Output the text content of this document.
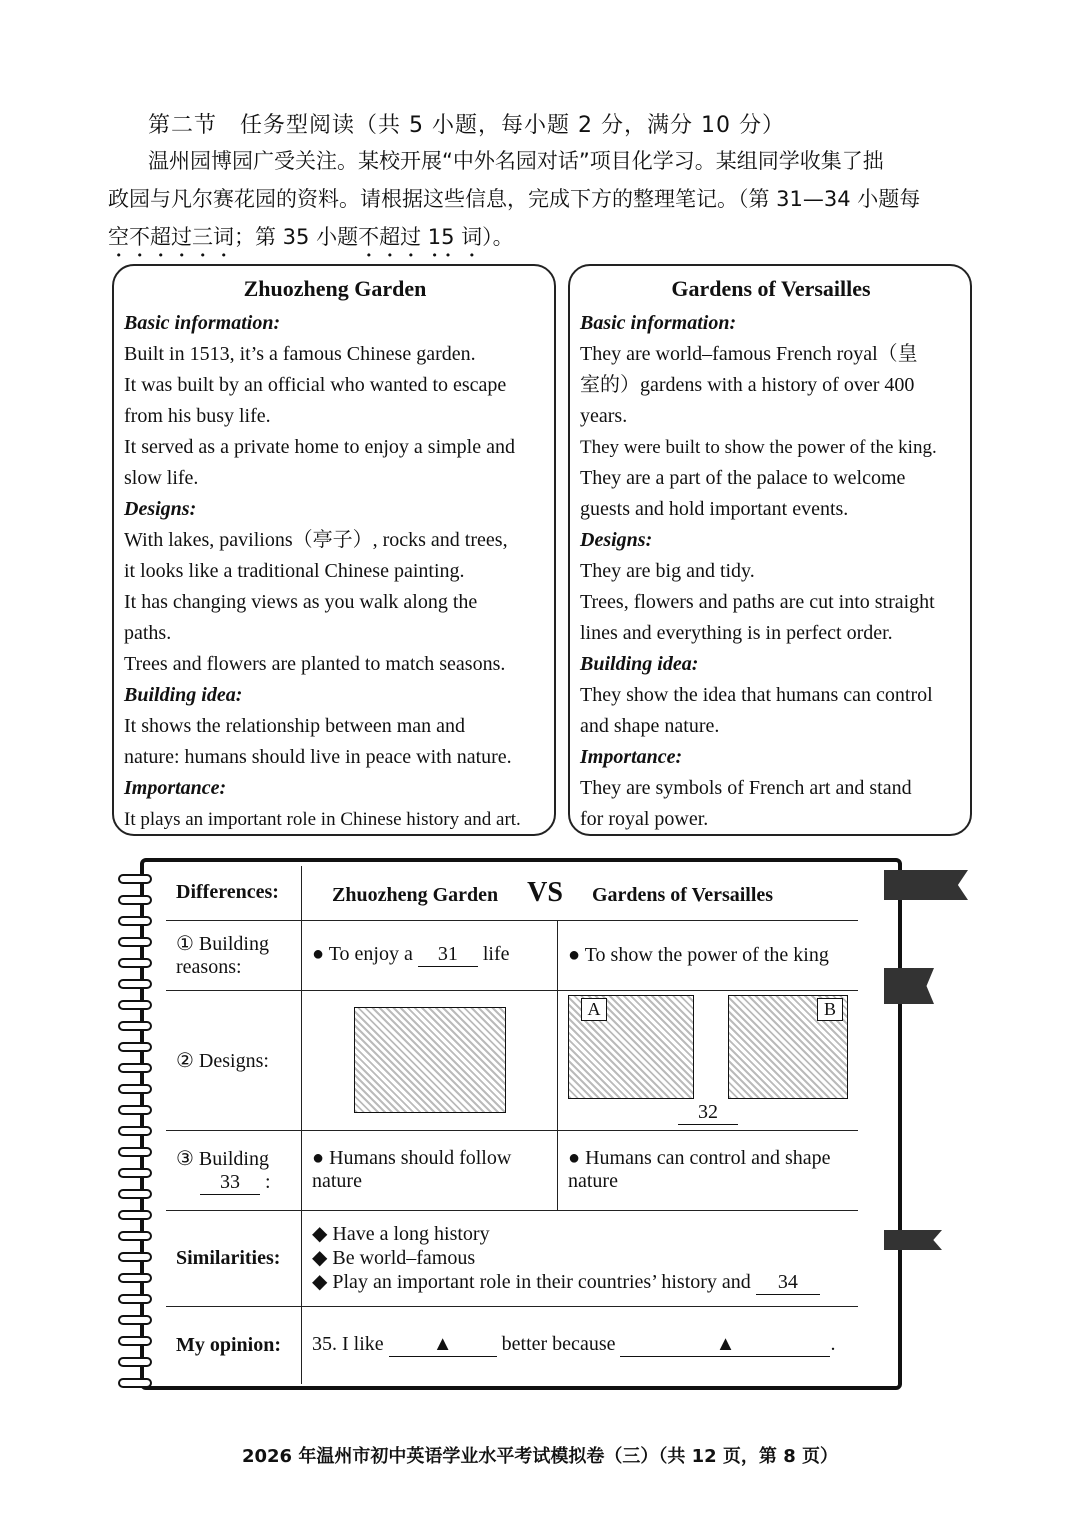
第二节　任务型阅读（共 5 小题，每小题 2 分，满分 10 分）

温州园博园广受关注。某校开展“中外名园对话”项目化学习。某组同学收集了拙

政园与凡尔赛花园的资料。请根据这些信息，完成下方的整理笔记。（第 31—34 小题每

空不超过三词；第 35 小题不超过 15 词）。

Zhuozheng Garden
Basic information:
Built in 1513, it’s a famous Chinese garden.
It was built by an official who wanted to escape
from his busy life.
It served as a private home to enjoy a simple and
slow life.
Designs:
With lakes, pavilions（亭子）, rocks and trees,
it looks like a traditional Chinese painting.
It has changing views as you walk along the
paths.
Trees and flowers are planted to match seasons.
Building idea:
It shows the relationship between man and
nature: humans should live in peace with nature.
Importance:
It plays an important role in Chinese history and art.
Gardens of Versailles
Basic information:
They are world–famous French royal（皇
室的）gardens with a history of over 400
years.
They were built to show the power of the king.
They are a part of the palace to welcome
guests and hold important events.
Designs:
They are big and tidy.
Trees, flowers and paths are cut into straight
lines and everything is in perfect order.
Building idea:
They show the idea that humans can control
and shape nature.
Importance:
They are symbols of French art and stand
for royal power.
Differences:	Zhuozheng Garden VS Gardens of Versailles	
① Building reasons:	● To enjoy a 31 life	● To show the power of the king
② Designs:		A B
32

③ Building
33 :	● Humans should follow nature	● Humans can control and shape nature
Similarities:	◆ Have a long history
◆ Be world–famous
◆ Play an important role in their countries’ history and 34	

My opinion:	35. I like ▲ better because ▲ .	
2026 年温州市初中英语学业水平考试模拟卷（三）（共 12 页，第 8 页）
